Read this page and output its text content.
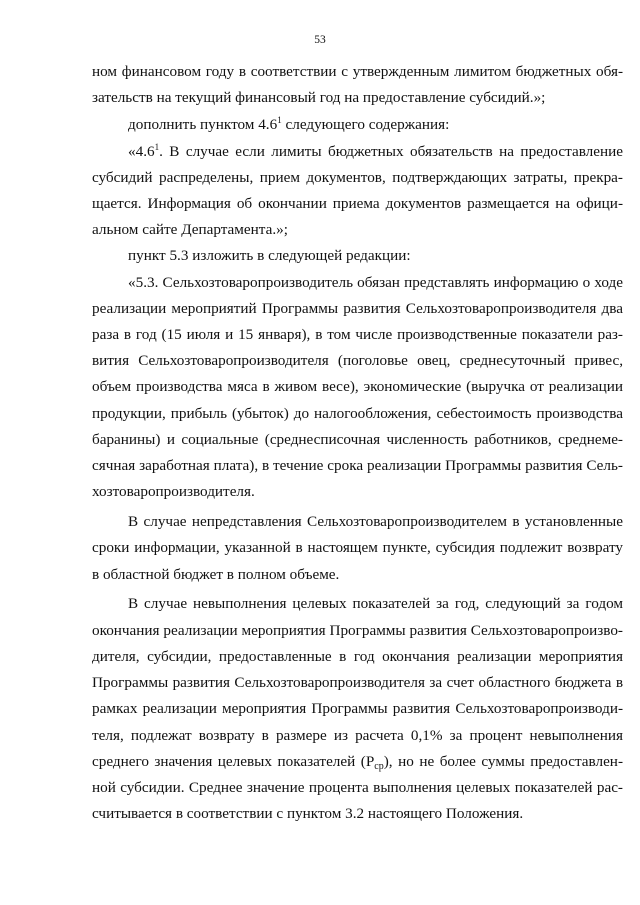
53
ном финансовом году в соответствии с утвержденным лимитом бюджетных обя-
зательств на текущий финансовый год на предоставление субсидий.»;
дополнить пунктом $4.6^1$ следующего содержания:
«$4.6^1$. В случае если лимиты бюджетных обязательств на предоставление
субсидий распределены, прием документов, подтверждающих затраты, прекра-
щается. Информация об окончании приема документов размещается на офици-
альном сайте Департамента.»;
пункт 5.3 изложить в следующей редакции:
«5.3. Сельхозтоваропроизводитель обязан представлять информацию о ходе
реализации мероприятий Программы развития Сельхозтоваропроизводителя два
раза в год (15 июля и 15 января), в том числе производственные показатели раз-
вития Сельхозтоваропроизводителя (поголовье овец, среднесуточный привес,
объем производства мяса в живом весе), экономические (выручка от реализации
продукции, прибыль (убыток) до налогообложения, себестоимость производства
баранины) и социальные (среднесписочная численность работников, среднеме-
сячная заработная плата), в течение срока реализации Программы развития Сель-
хозтоваропроизводителя.
В случае непредставления Сельхозтоваропроизводителем в установленные
сроки информации, указанной в настоящем пункте, субсидия подлежит возврату
в областной бюджет в полном объеме.
В случае невыполнения целевых показателей за год, следующий за годом
окончания реализации мероприятия Программы развития Сельхозтоваропроизво-
дителя, субсидии, предоставленные в год окончания реализации мероприятия
Программы развития Сельхозтоваропроизводителя за счет областного бюджета в
рамках реализации мероприятия Программы развития Сельхозтоваропроизводи-
теля, подлежат возврату в размере из расчета 0,1% за процент невыполнения
среднего значения целевых показателей $(Р_{ср})$, но не более суммы предоставлен-
ной субсидии. Среднее значение процента выполнения целевых показателей рас-
считывается в соответствии с пунктом 3.2 настоящего Положения.
